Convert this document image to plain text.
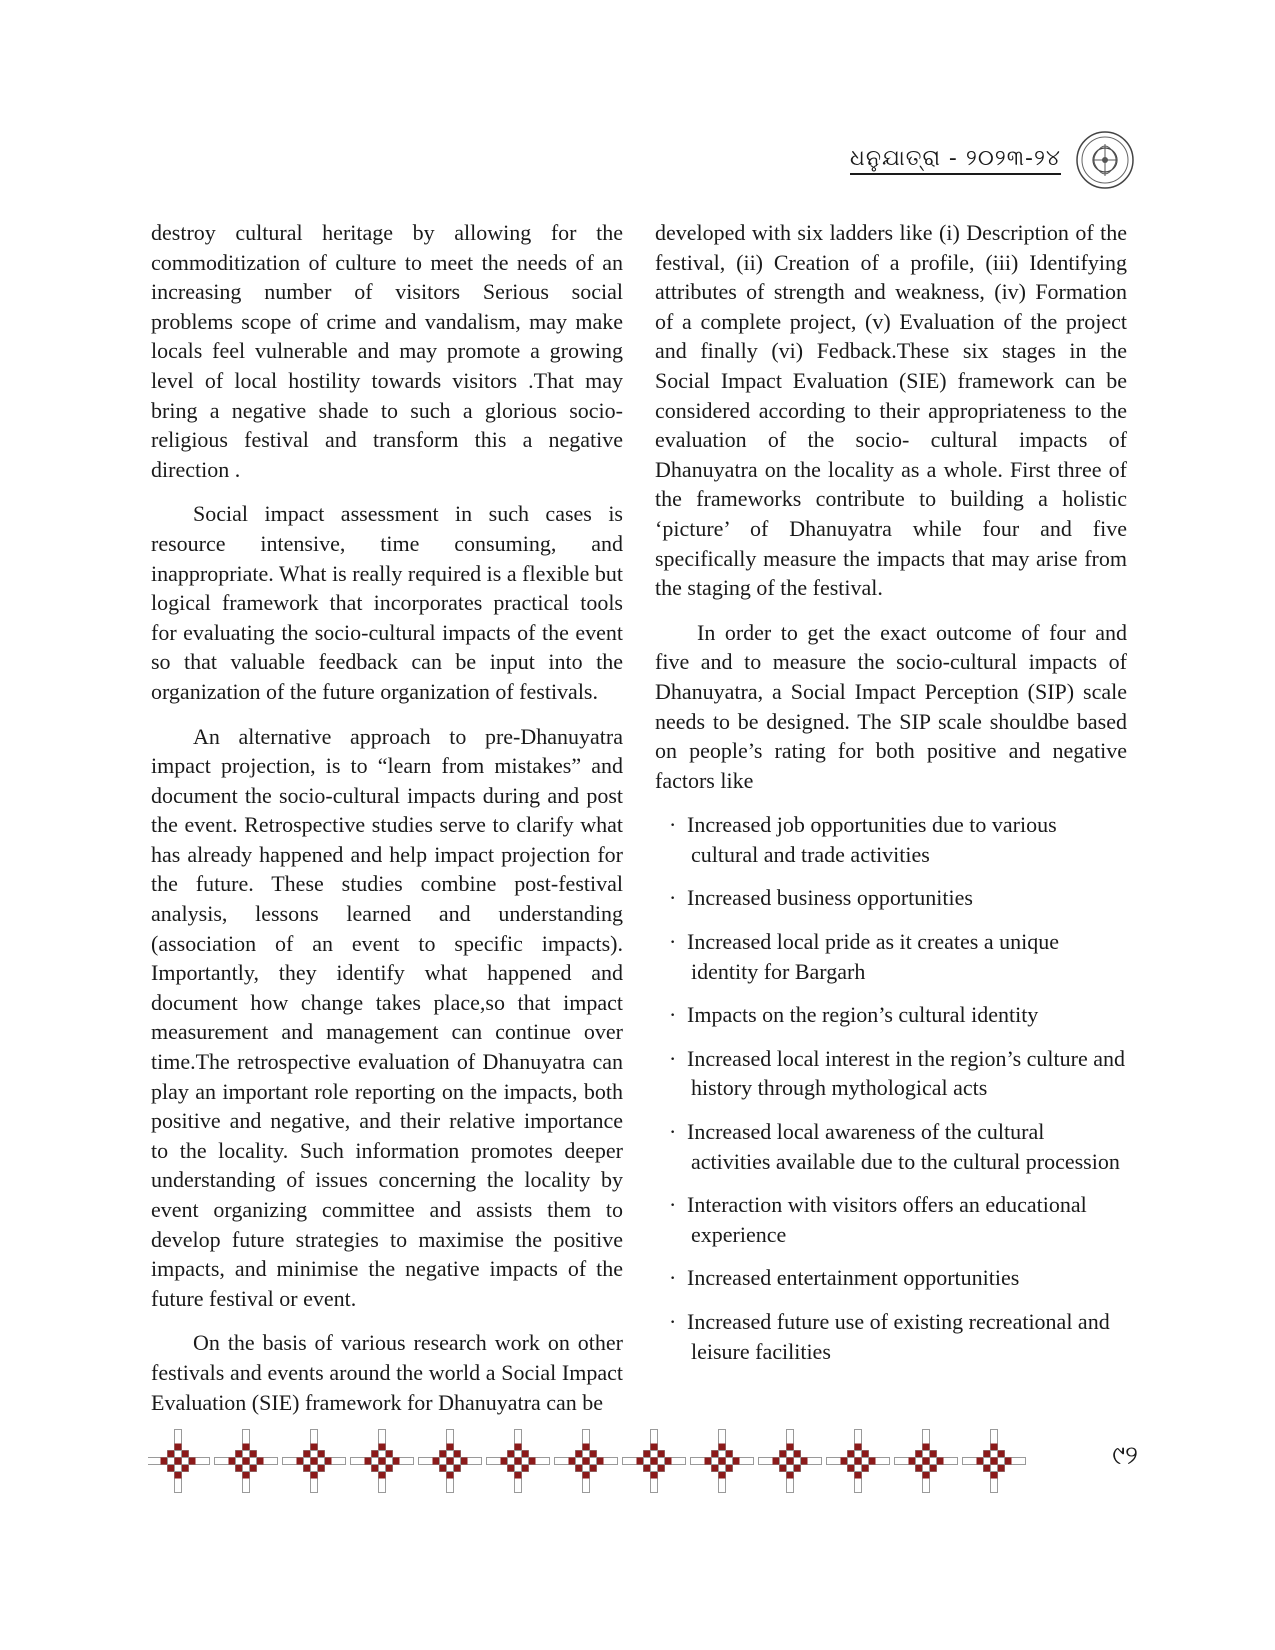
ଧନୁଯାତ୍ରା - ୨୦୨୩-୨୪

destroy cultural heritage by allowing for the commoditization of culture to meet the needs of an increasing number of visitors Serious social problems scope of crime and vandalism, may make locals feel vulnerable and may promote a growing level of local hostility towards visitors .That may bring a negative shade to such a glorious socio-religious festival and transform this a negative direction .

Social impact assessment in such cases is resource intensive, time consuming, and inappropriate. What is really required is a flexible but logical framework that incorporates practical tools for evaluating the socio-cultural impacts of the event so that valuable feedback can be input into the organization of the future organization of festivals.

An alternative approach to pre-Dhanuyatra impact projection, is to “learn from mistakes” and document the socio-cultural impacts during and post the event. Retrospective studies serve to clarify what has already happened and help impact projection for the future. These studies combine post-festival analysis, lessons learned and understanding (association of an event to specific impacts). Importantly, they identify what happened and document how change takes place,so that impact measurement and management can continue over time.The retrospective evaluation of Dhanuyatra can play an important role reporting on the impacts, both positive and negative, and their relative importance to the locality. Such information promotes deeper understanding of issues concerning the locality by event organizing committee and assists them to develop future strategies to maximise the positive impacts, and minimise the negative impacts of the future festival or event.

On the basis of various research work on other festivals and events around the world a Social Impact Evaluation (SIE) framework for Dhanuyatra can be

developed with six ladders like (i) Description of the festival, (ii) Creation of a profile, (iii) Identifying attributes of strength and weakness, (iv) Formation of a complete project, (v) Evaluation of the project and finally (vi) Fedback.These six stages in the Social Impact Evaluation (SIE) framework can be considered according to their appropriateness to the evaluation of the socio- cultural impacts of Dhanuyatra on the locality as a whole. First three of the frameworks contribute to building a holistic ‘picture’ of Dhanuyatra while four and five specifically measure the impacts that may arise from the staging of the festival.

In order to get the exact outcome of four and five and to measure the socio-cultural impacts of Dhanuyatra, a Social Impact Perception (SIP) scale needs to be designed. The SIP scale shouldbe based on people’s rating for both positive and negative factors like

· Increased job opportunities due to various cultural and trade activities
· Increased business opportunities
· Increased local pride as it creates a unique identity for Bargarh
· Impacts on the region’s cultural identity
· Increased local interest in the region’s culture and history through mythological acts
· Increased local awareness of the cultural activities available due to the cultural procession
· Interaction with visitors offers an educational experience
· Increased entertainment opportunities
· Increased future use of existing recreational and leisure facilities
୯୨
